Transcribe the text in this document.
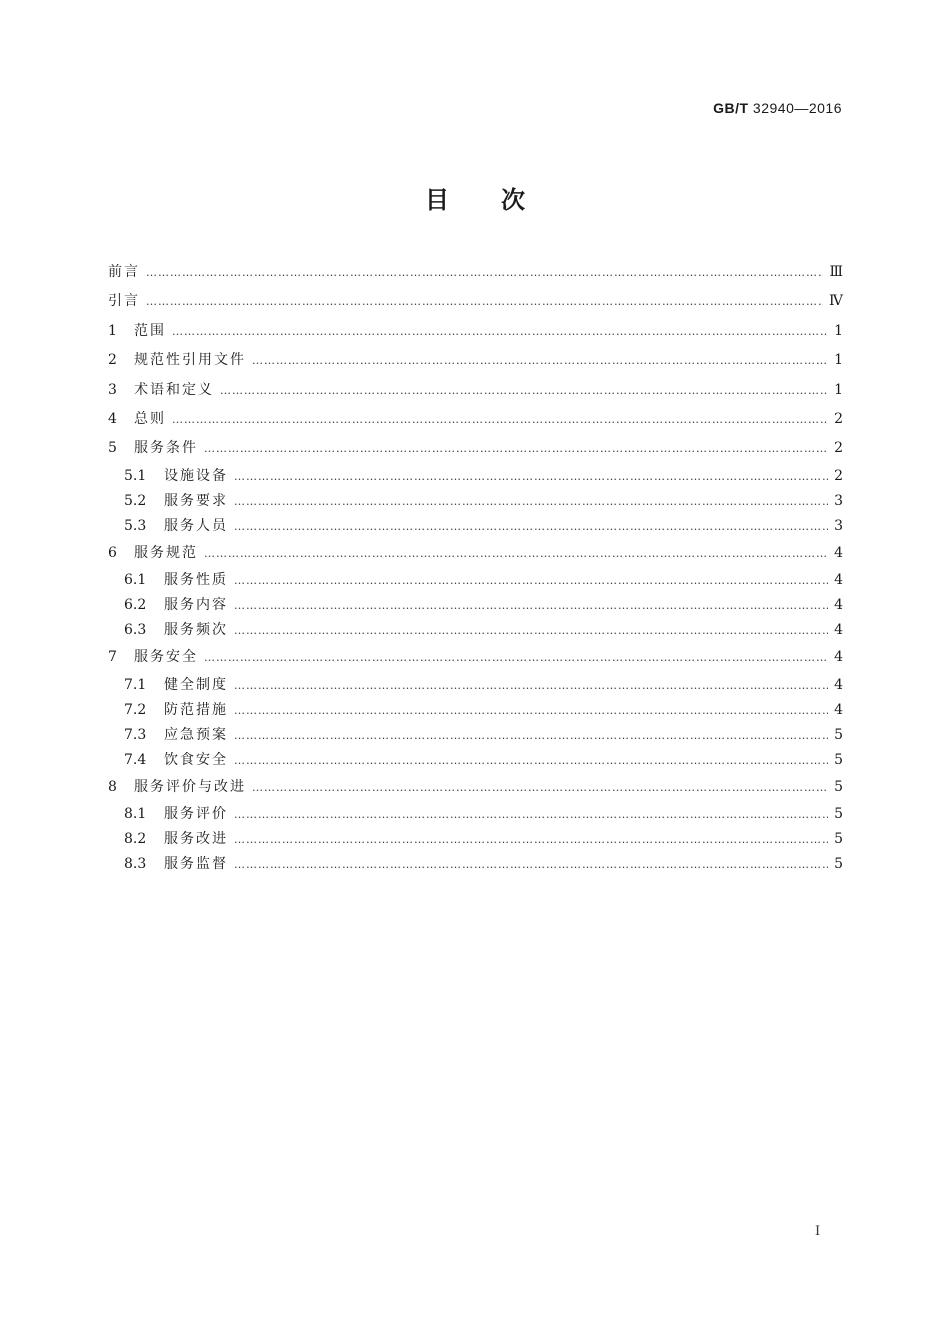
GB/T 32940—2016
目次
前言 ……………………………………………………………………………………………………………………………………………………………………………………………………………………………………	Ⅲ
引言 ……………………………………………………………………………………………………………………………………………………………………………………………………………………………………	Ⅳ
1	范围 ……………………………………………………………………………………………………………………………………………………………………………………………………………………………………	1
2	规范性引用文件 ……………………………………………………………………………………………………………………………………………………………………………………………………………………………………	1
3	术语和定义 ……………………………………………………………………………………………………………………………………………………………………………………………………………………………………	1
4	总则 ……………………………………………………………………………………………………………………………………………………………………………………………………………………………………	2
5	服务条件 ……………………………………………………………………………………………………………………………………………………………………………………………………………………………………	2
5.1	设施设备 ……………………………………………………………………………………………………………………………………………………………………………………………………………………………………	2
5.2	服务要求 ……………………………………………………………………………………………………………………………………………………………………………………………………………………………………	3
5.3	服务人员 ……………………………………………………………………………………………………………………………………………………………………………………………………………………………………	3
6	服务规范 ……………………………………………………………………………………………………………………………………………………………………………………………………………………………………	4
6.1	服务性质 ……………………………………………………………………………………………………………………………………………………………………………………………………………………………………	4
6.2	服务内容 ……………………………………………………………………………………………………………………………………………………………………………………………………………………………………	4
6.3	服务频次 ……………………………………………………………………………………………………………………………………………………………………………………………………………………………………	4
7	服务安全 ……………………………………………………………………………………………………………………………………………………………………………………………………………………………………	4
7.1	健全制度 ……………………………………………………………………………………………………………………………………………………………………………………………………………………………………	4
7.2	防范措施 ……………………………………………………………………………………………………………………………………………………………………………………………………………………………………	4
7.3	应急预案 ……………………………………………………………………………………………………………………………………………………………………………………………………………………………………	5
7.4	饮食安全 ……………………………………………………………………………………………………………………………………………………………………………………………………………………………………	5
8	服务评价与改进 ……………………………………………………………………………………………………………………………………………………………………………………………………………………………………	5
8.1	服务评价 ……………………………………………………………………………………………………………………………………………………………………………………………………………………………………	5
8.2	服务改进 ……………………………………………………………………………………………………………………………………………………………………………………………………………………………………	5
8.3	服务监督 ……………………………………………………………………………………………………………………………………………………………………………………………………………………………………	5
I
